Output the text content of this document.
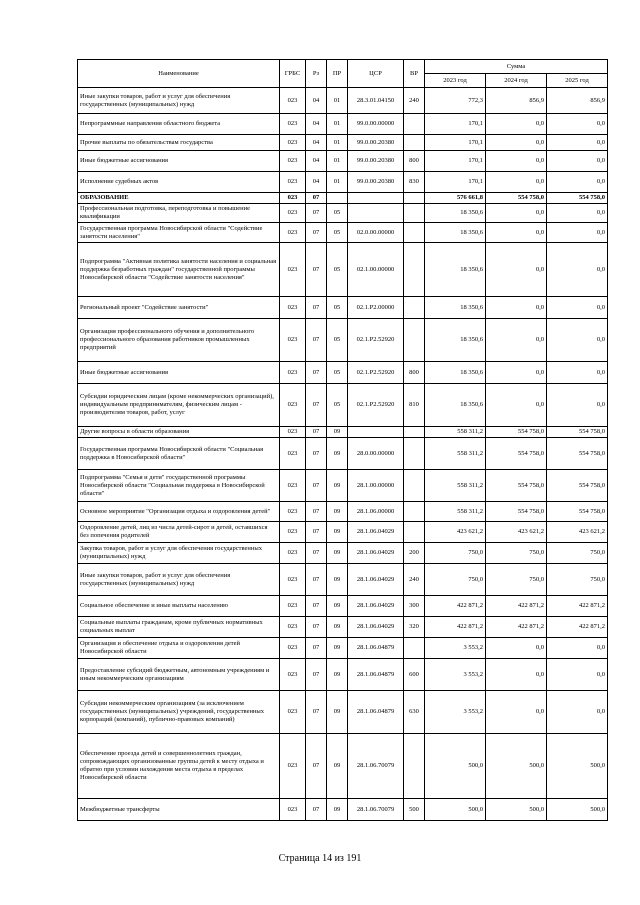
Наименование	ГРБС	Рз	ПР	ЦСР	ВР	Сумма		
						2023 год	2024 год	2025 год
Иные закупки товаров, работ и услуг для обеспечения государственных (муниципальных) нужд	023	04	01	28.3.01.04150	240	772,3	856,9	856,9
Непрограммные направления областного бюджета	023	04	01	99.0.00.00000		170,1	0,0	0,0
Прочие выплаты по обязательствам государства	023	04	01	99.0.00.20380		170,1	0,0	0,0
Иные бюджетные ассигнования	023	04	01	99.0.00.20380	800	170,1	0,0	0,0
Исполнение судебных актов	023	04	01	99.0.00.20380	830	170,1	0,0	0,0
ОБРАЗОВАНИЕ	023	07				576 661,8	554 758,0	554 758,0
Профессиональная подготовка, переподготовка и повышение квалификации	023	07	05			18 350,6	0,0	0,0
Государственная программа Новосибирской области "Содействие занятости населения"	023	07	05	02.0.00.00000		18 350,6	0,0	0,0
Подпрограмма "Активная политика занятости населения и социальная поддержка безработных граждан" государственной программы Новосибирской области "Содействие занятости населения"	023	07	05	02.1.00.00000		18 350,6	0,0	0,0
Региональный проект "Содействие занятости"	023	07	05	02.1.P2.00000		18 350,6	0,0	0,0
Организация профессионального обучения и дополнительного профессионального образования работников промышленных предприятий	023	07	05	02.1.P2.52920		18 350,6	0,0	0,0
Иные бюджетные ассигнования	023	07	05	02.1.P2.52920	800	18 350,6	0,0	0,0
Субсидии юридическим лицам (кроме некоммерческих организаций), индивидуальным предпринимателям, физическим лицам - производителям товаров, работ, услуг	023	07	05	02.1.P2.52920	810	18 350,6	0,0	0,0
Другие вопросы в области образования	023	07	09			558 311,2	554 758,0	554 758,0
Государственная программа Новосибирской области "Социальная поддержка в Новосибирской области"	023	07	09	28.0.00.00000		558 311,2	554 758,0	554 758,0
Подпрограмма "Семья и дети" государственной программы Новосибирской области "Социальная поддержка в Новосибирской области"	023	07	09	28.1.00.00000		558 311,2	554 758,0	554 758,0
Основное мероприятие "Организация отдыха и оздоровления детей"	023	07	09	28.1.06.00000		558 311,2	554 758,0	554 758,0
Оздоровление детей, лиц из числа детей-сирот и детей, оставшихся без попечения родителей	023	07	09	28.1.06.04029		423 621,2	423 621,2	423 621,2
Закупка товаров, работ и услуг для обеспечения государственных (муниципальных) нужд	023	07	09	28.1.06.04029	200	750,0	750,0	750,0
Иные закупки товаров, работ и услуг для обеспечения государственных (муниципальных) нужд	023	07	09	28.1.06.04029	240	750,0	750,0	750,0
Социальное обеспечение и иные выплаты населению	023	07	09	28.1.06.04029	300	422 871,2	422 871,2	422 871,2
Социальные выплаты гражданам, кроме публичных нормативных социальных выплат	023	07	09	28.1.06.04029	320	422 871,2	422 871,2	422 871,2
Организация и обеспечение отдыха и оздоровления детей Новосибирской области	023	07	09	28.1.06.04879		3 553,2	0,0	0,0
Предоставление субсидий бюджетным, автономным учреждениям и иным некоммерческим организациям	023	07	09	28.1.06.04879	600	3 553,2	0,0	0,0
Субсидии некоммерческим организациям (за исключением государственных (муниципальных) учреждений, государственных корпораций (компаний), публично-правовых компаний)	023	07	09	28.1.06.04879	630	3 553,2	0,0	0,0
Обеспечение проезда детей и совершеннолетних граждан, сопровождающих организованные группы детей к месту отдыха и обратно при условии нахождения места отдыха в пределах Новосибирской области	023	07	09	28.1.06.70079		500,0	500,0	500,0
Межбюджетные трансферты	023	07	09	28.1.06.70079	500	500,0	500,0	500,0
Страница 14 из 191
